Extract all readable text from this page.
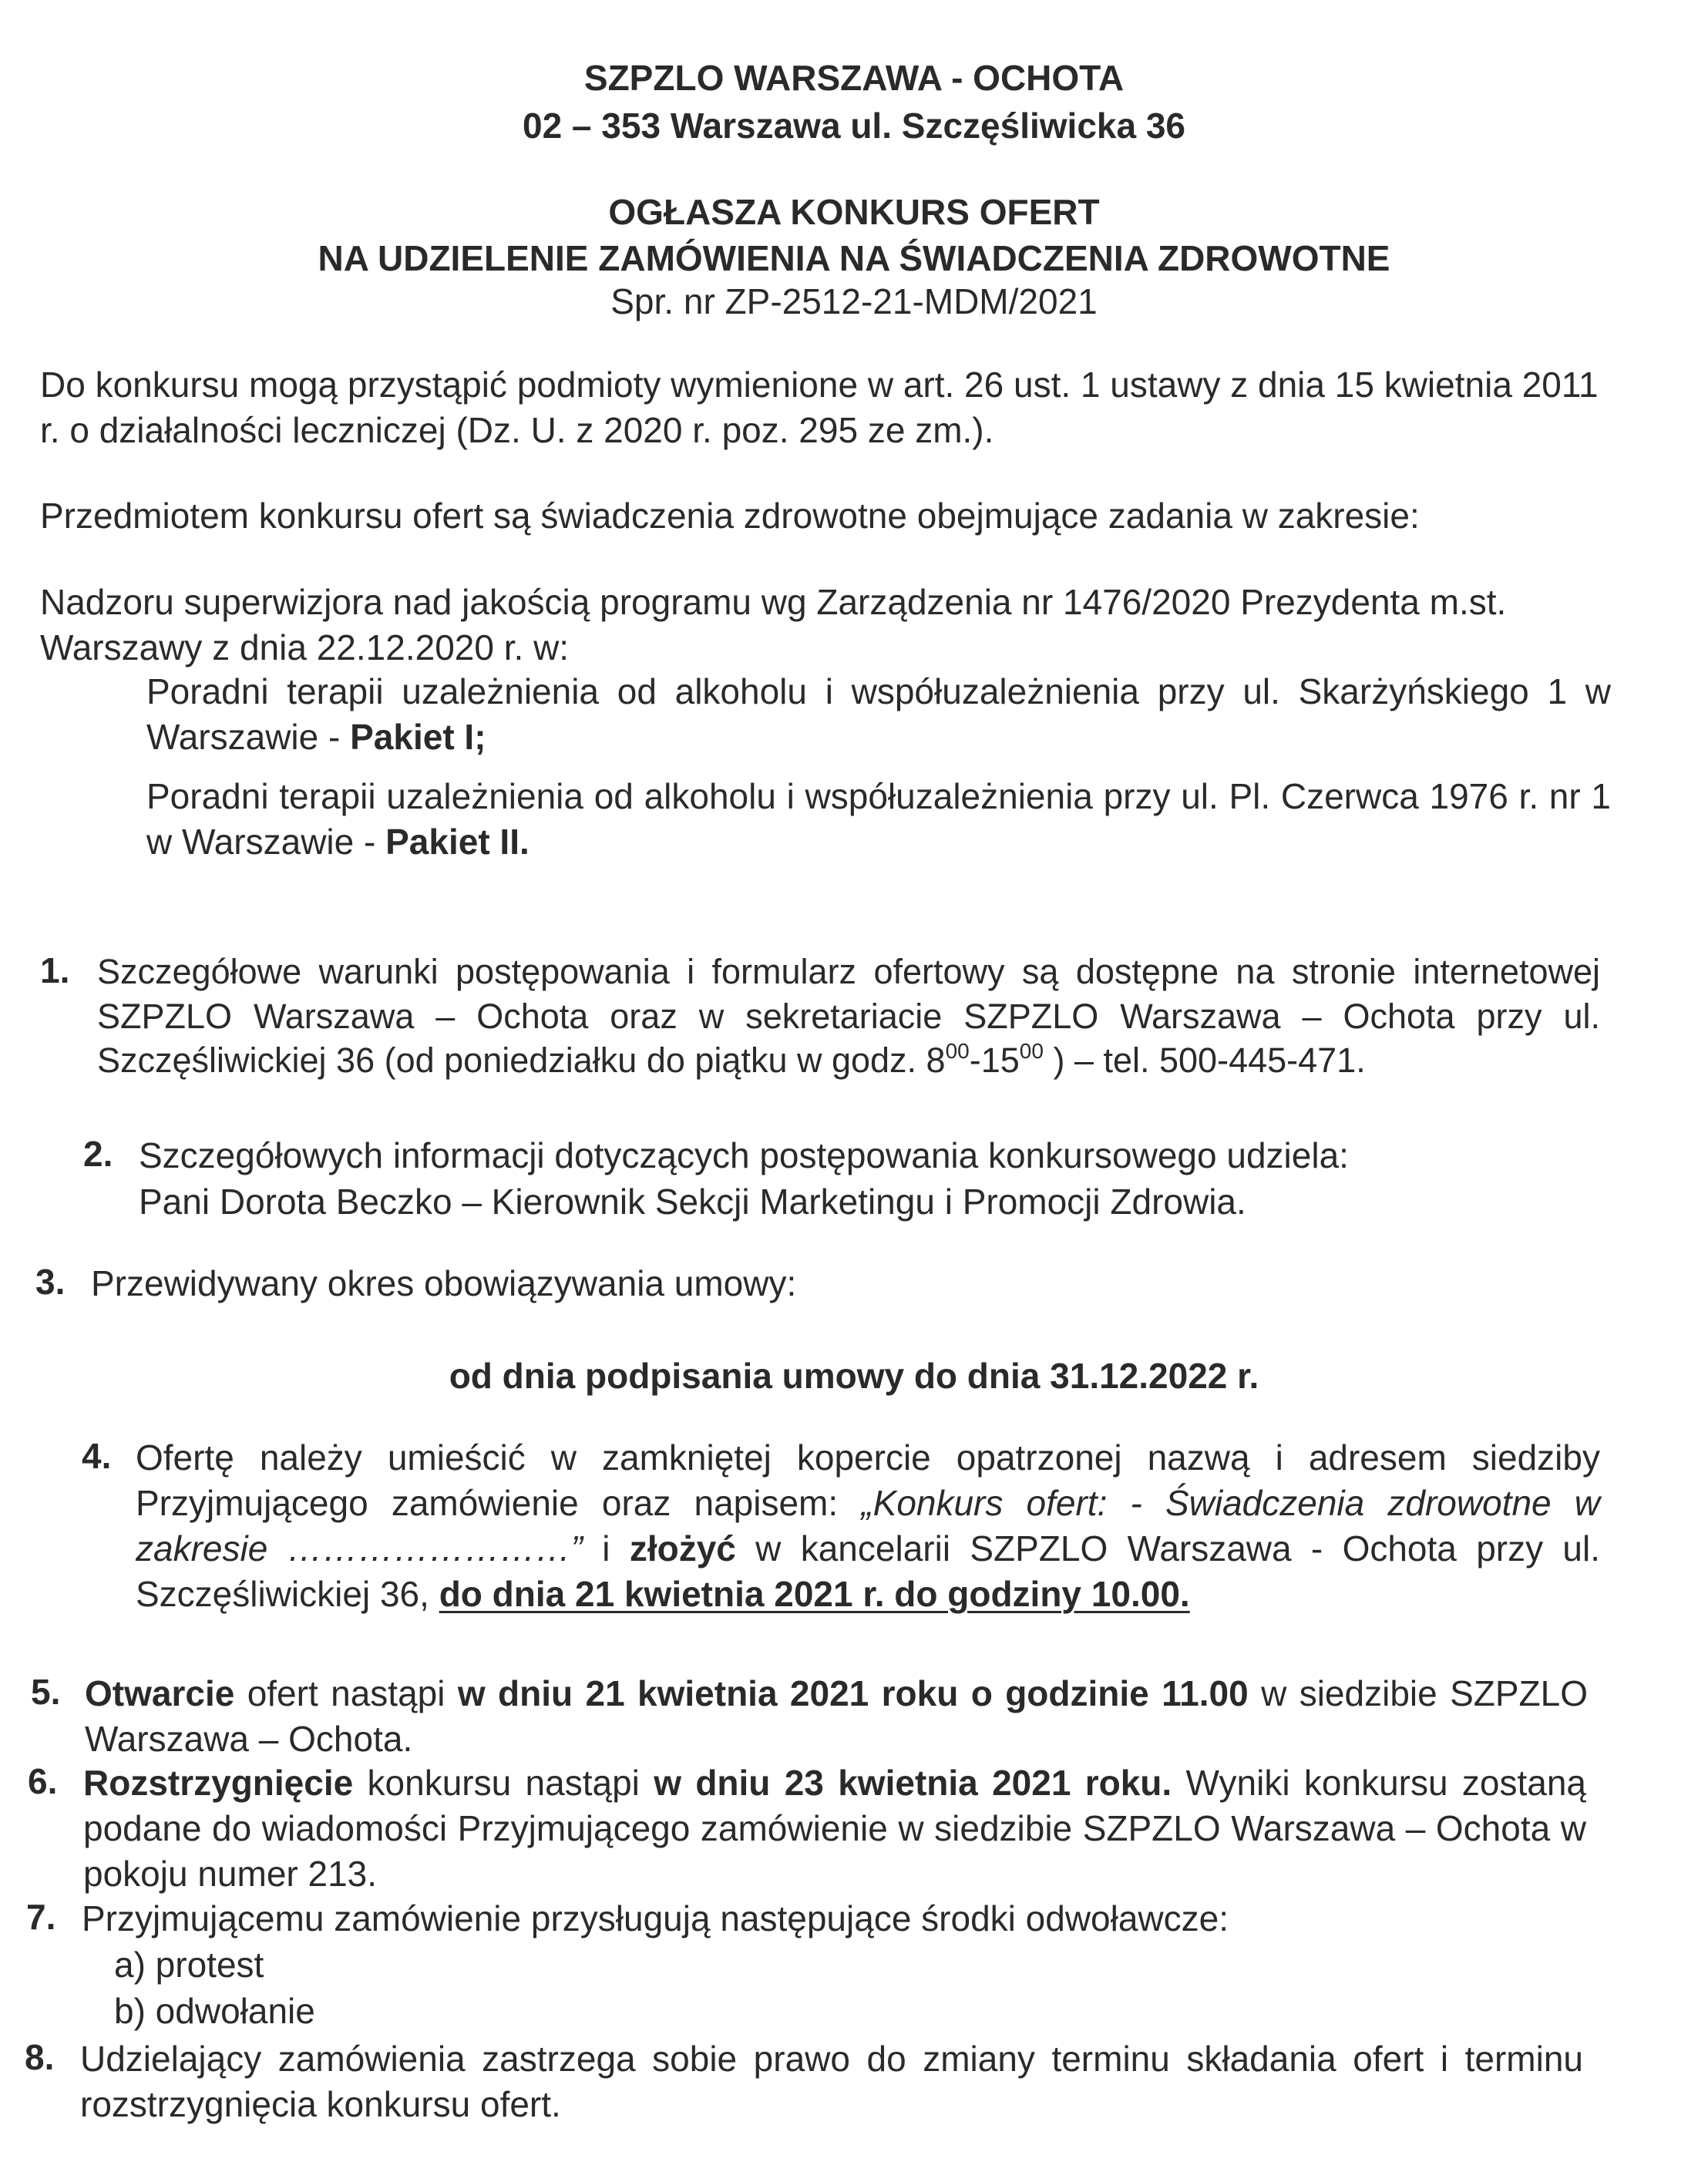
SZPZLO WARSZAWA - OCHOTA
02 – 353 Warszawa ul. Szczęśliwicka 36
OGŁASZA KONKURS OFERT
NA UDZIELENIE ZAMÓWIENIA NA ŚWIADCZENIA ZDROWOTNE
Spr. nr ZP-2512-21-MDM/2021
Do konkursu mogą przystąpić podmioty wymienione w art. 26 ust. 1 ustawy z dnia 15 kwietnia 2011 r. o działalności leczniczej (Dz. U. z 2020 r. poz. 295 ze zm.).
Przedmiotem konkursu ofert są świadczenia zdrowotne obejmujące zadania w zakresie:
Nadzoru superwizjora nad jakością programu wg Zarządzenia nr 1476/2020 Prezydenta m.st. Warszawy z dnia 22.12.2020 r. w:
Poradni terapii uzależnienia od alkoholu i współuzależnienia przy ul. Skarżyńskiego 1 w Warszawie - Pakiet I;
Poradni terapii uzależnienia od alkoholu i współuzależnienia przy ul. Pl. Czerwca 1976 r. nr 1 w Warszawie - Pakiet II.
1. Szczegółowe warunki postępowania i formularz ofertowy są dostępne na stronie internetowej SZPZLO Warszawa – Ochota oraz w sekretariacie SZPZLO Warszawa – Ochota przy ul. Szczęśliwickiej 36 (od poniedziałku do piątku w godz. $8^{00}-15^{00}$ ) – tel. 500-445-471.
2. Szczegółowych informacji dotyczących postępowania konkursowego udziela:
Pani Dorota Beczko – Kierownik Sekcji Marketingu i Promocji Zdrowia.
3. Przewidywany okres obowiązywania umowy:
od dnia podpisania umowy do dnia 31.12.2022 r.
4. Ofertę należy umieścić w zamkniętej kopercie opatrzonej nazwą i adresem siedziby Przyjmującego zamówienie oraz napisem: „Konkurs ofert: - Świadczenia zdrowotne w zakresie ……………………” i złożyć w kancelarii SZPZLO Warszawa - Ochota przy ul. Szczęśliwickiej 36, do dnia 21 kwietnia 2021 r. do godziny 10.00.
5. Otwarcie ofert nastąpi w dniu 21 kwietnia 2021 roku o godzinie 11.00 w siedzibie SZPZLO Warszawa – Ochota.
6. Rozstrzygnięcie konkursu nastąpi w dniu 23 kwietnia 2021 roku. Wyniki konkursu zostaną podane do wiadomości Przyjmującego zamówienie w siedzibie SZPZLO Warszawa – Ochota w pokoju numer 213.
7. Przyjmującemu zamówienie przysługują następujące środki odwoławcze:
a) protest
b) odwołanie
8. Udzielający zamówienia zastrzega sobie prawo do zmiany terminu składania ofert i terminu rozstrzygnięcia konkursu ofert.
